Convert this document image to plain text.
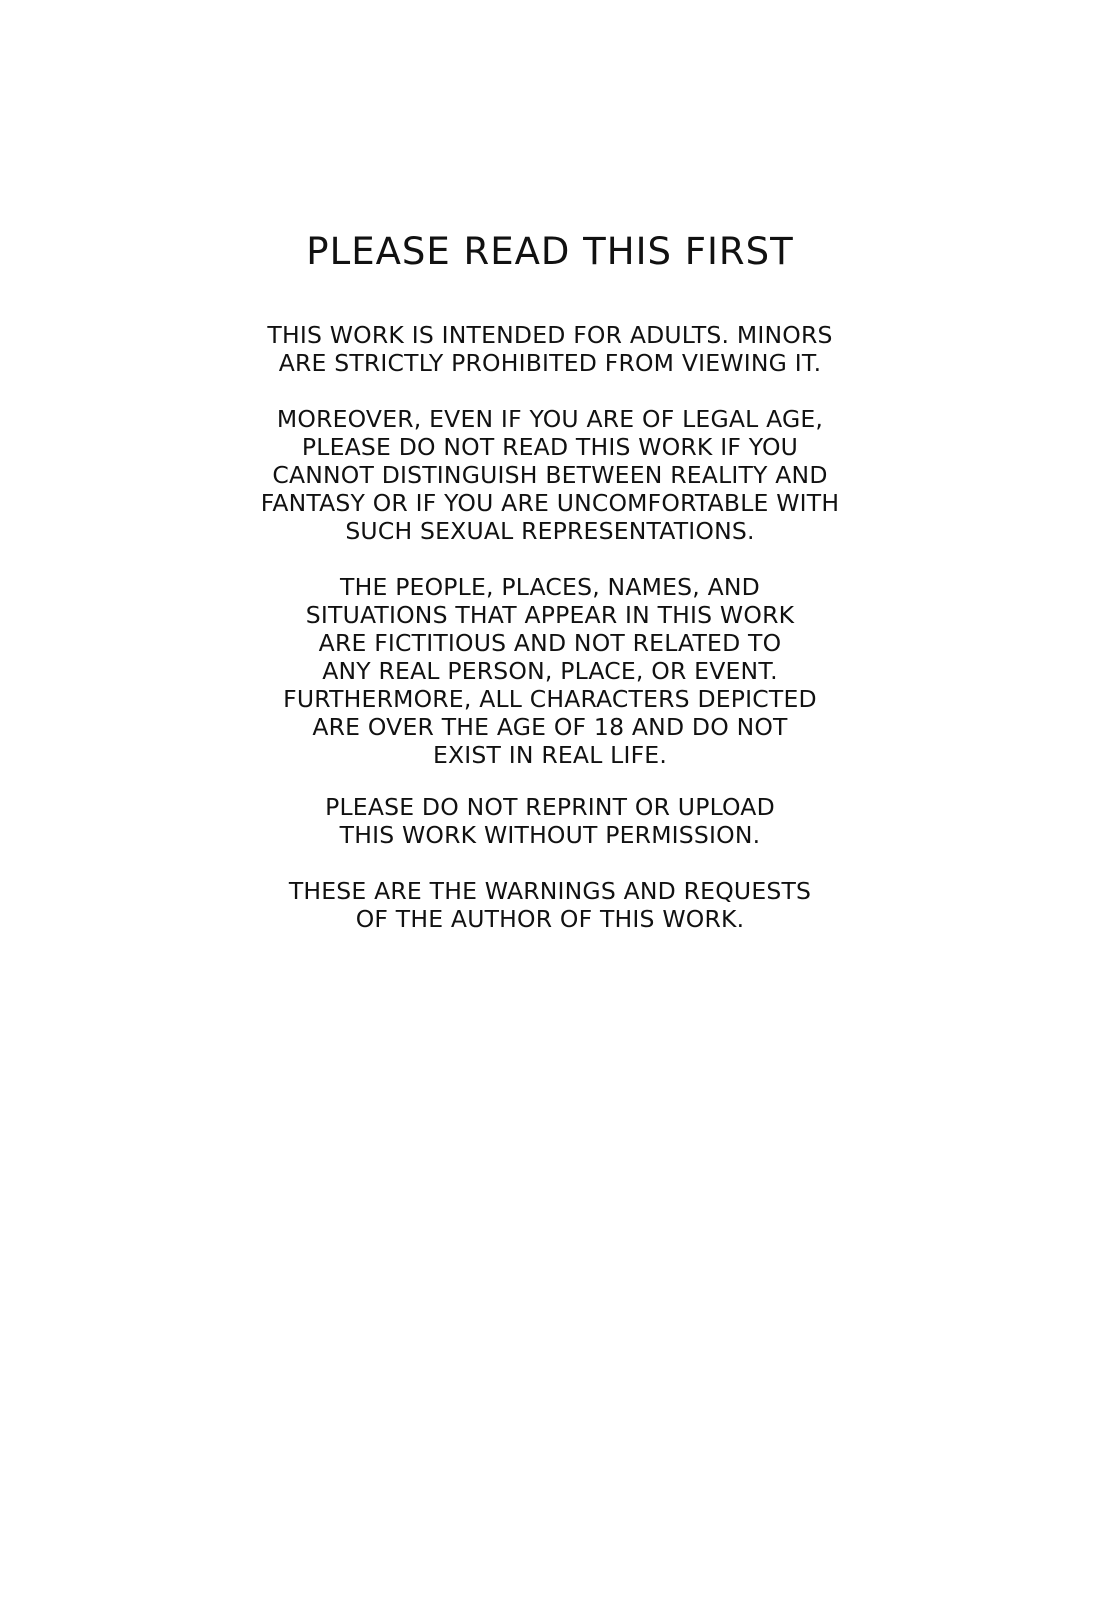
PLEASE READ THIS FIRST

THIS WORK IS INTENDED FOR ADULTS. MINORS
ARE STRICTLY PROHIBITED FROM VIEWING IT.

MOREOVER, EVEN IF YOU ARE OF LEGAL AGE,
PLEASE DO NOT READ THIS WORK IF YOU
CANNOT DISTINGUISH BETWEEN REALITY AND
FANTASY OR IF YOU ARE UNCOMFORTABLE WITH
SUCH SEXUAL REPRESENTATIONS.

THE PEOPLE, PLACES, NAMES, AND
SITUATIONS THAT APPEAR IN THIS WORK
ARE FICTITIOUS AND NOT RELATED TO
ANY REAL PERSON, PLACE, OR EVENT.
FURTHERMORE, ALL CHARACTERS DEPICTED
ARE OVER THE AGE OF 18 AND DO NOT
EXIST IN REAL LIFE.

PLEASE DO NOT REPRINT OR UPLOAD
THIS WORK WITHOUT PERMISSION.

THESE ARE THE WARNINGS AND REQUESTS
OF THE AUTHOR OF THIS WORK.
